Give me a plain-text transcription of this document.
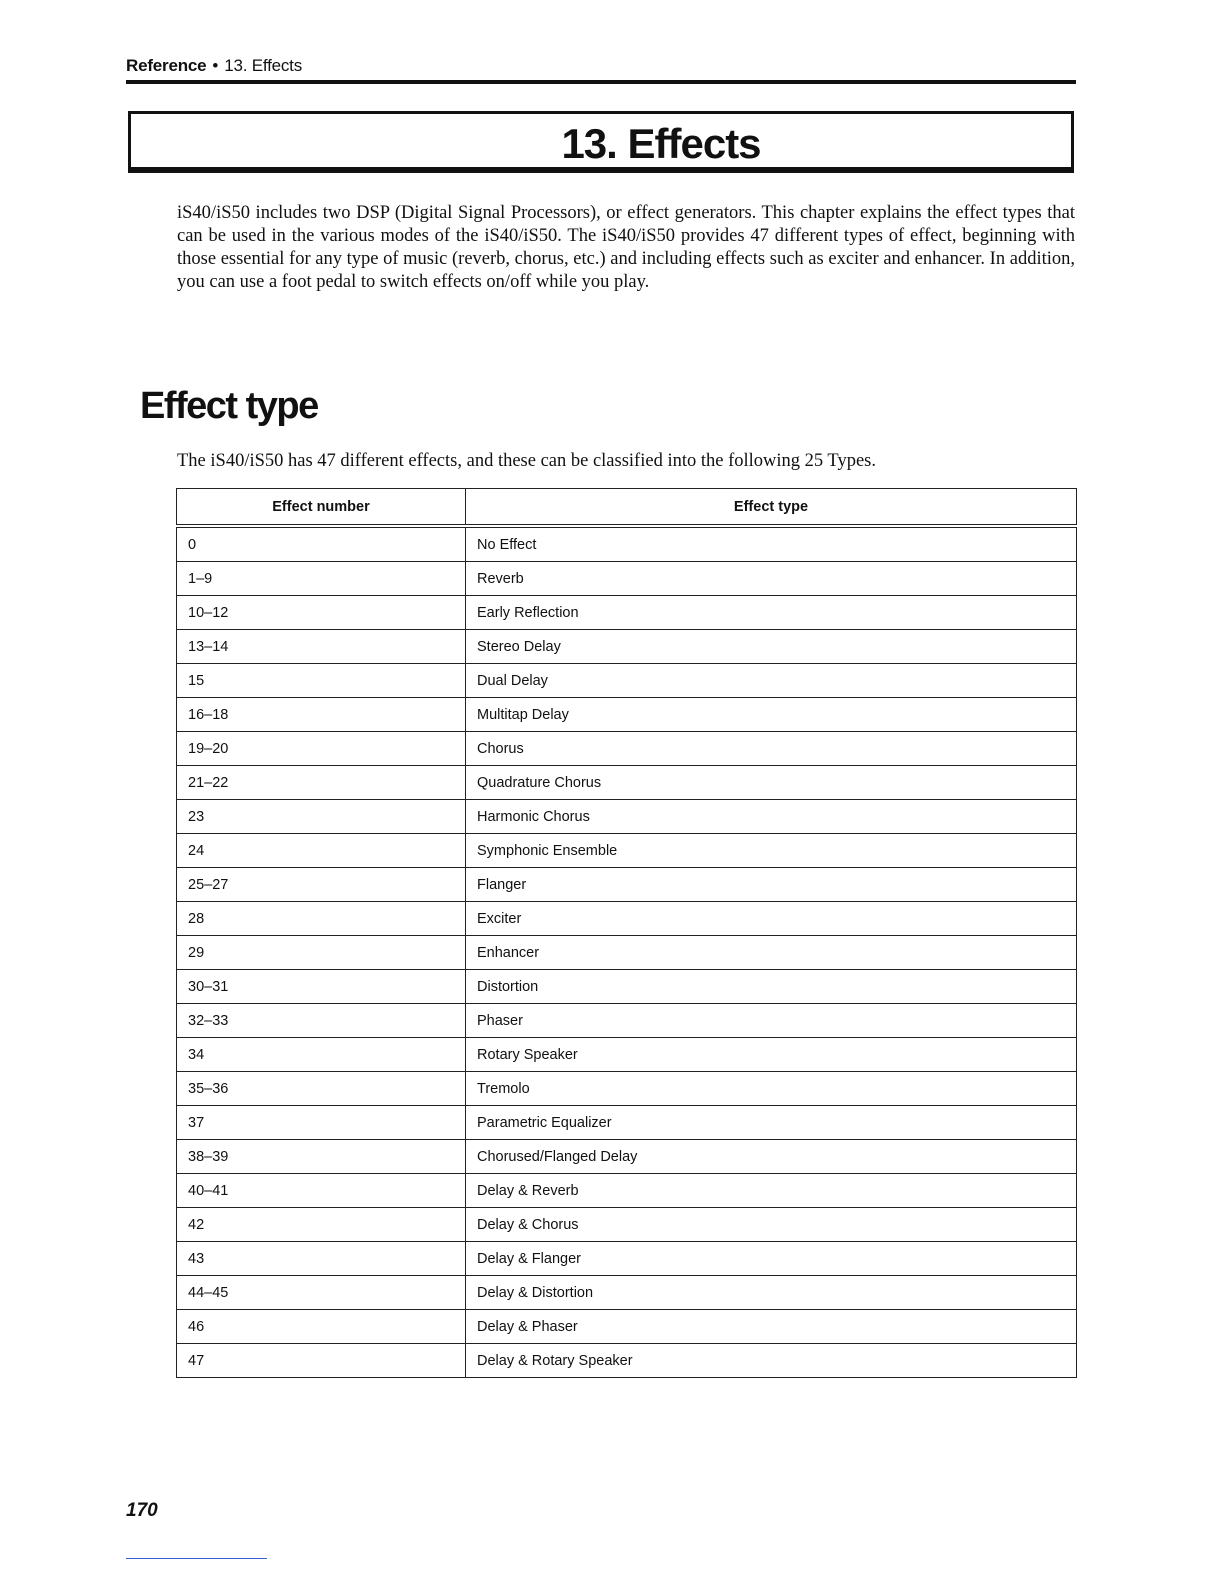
Reference • 13. Effects
13. Effects

iS40/iS50 includes two DSP (Digital Signal Processors), or effect generators. This chapter explains the effect types that can be used in the various modes of the iS40/iS50. The iS40/iS50 provides 47 different types of effect, beginning with those essential for any type of music (reverb, chorus, etc.) and including effects such as exciter and enhancer. In addition, you can use a foot pedal to switch effects on/off while you play.

Effect type

The iS40/iS50 has 47 different effects, and these can be classified into the following 25 Types.

Effect number	Effect type
0	No Effect
1–9	Reverb
10–12	Early Reflection
13–14	Stereo Delay
15	Dual Delay
16–18	Multitap Delay
19–20	Chorus
21–22	Quadrature Chorus
23	Harmonic Chorus
24	Symphonic Ensemble
25–27	Flanger
28	Exciter
29	Enhancer
30–31	Distortion
32–33	Phaser
34	Rotary Speaker
35–36	Tremolo
37	Parametric Equalizer
38–39	Chorused/Flanged Delay
40–41	Delay & Reverb
42	Delay & Chorus
43	Delay & Flanger
44–45	Delay & Distortion
46	Delay & Phaser
47	Delay & Rotary Speaker

170
